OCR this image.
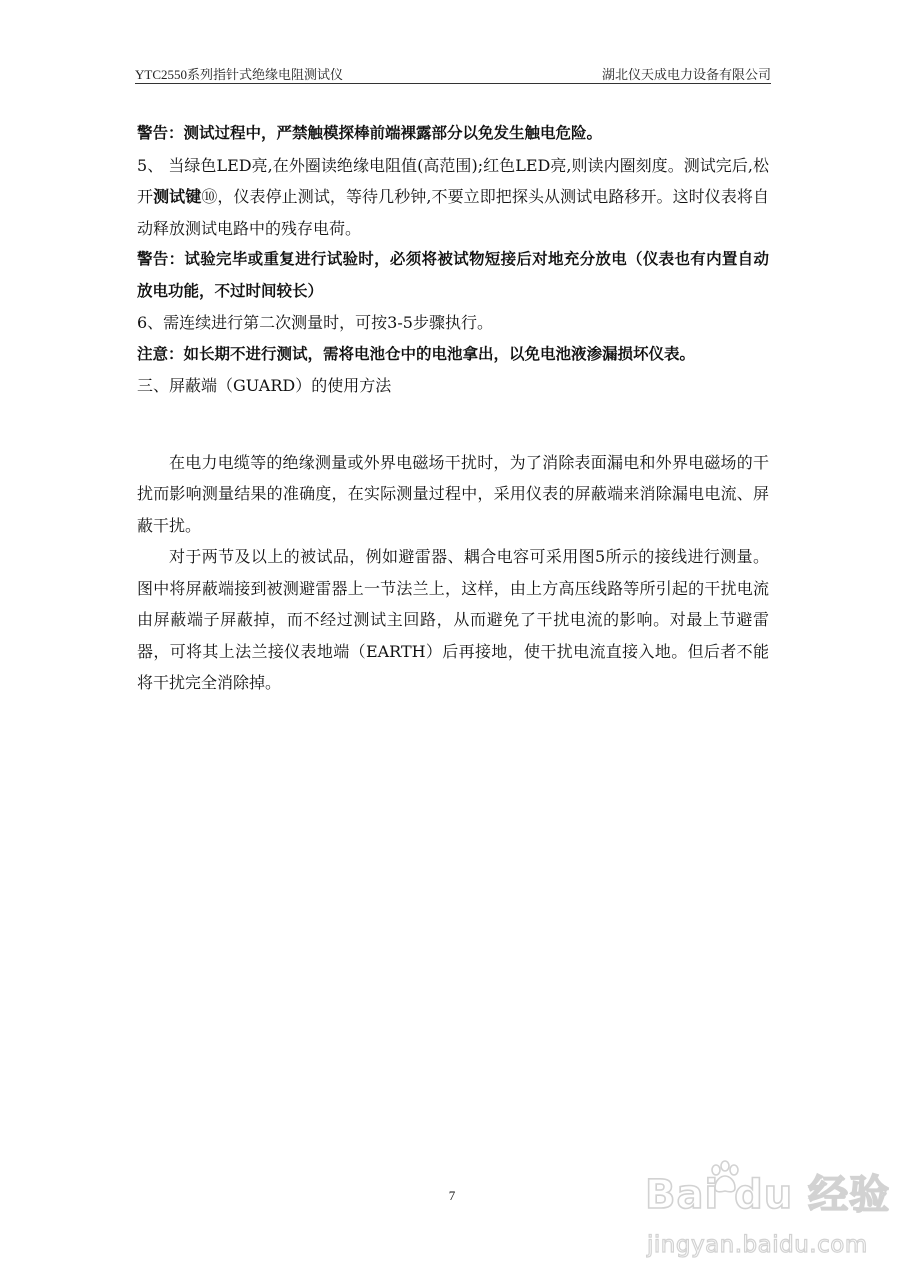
YTC2550系列指针式绝缘电阻测试仪	湖北仪天成电力设备有限公司

警告：测试过程中，严禁触模探棒前端裸露部分以免发生触电危险。

5、 当绿色LED亮,在外圈读绝缘电阻值(高范围);红色LED亮,则读内圈刻度。测试完后,松开测试键⑩，仪表停止测试，等待几秒钟,不要立即把探头从测试电路移开。这时仪表将自动释放测试电路中的残存电荷。

警告：试验完毕或重复进行试验时，必须将被试物短接后对地充分放电（仪表也有内置自动放电功能，不过时间较长）

6、需连续进行第二次测量时，可按3-5步骤执行。

注意：如长期不进行测试，需将电池仓中的电池拿出，以免电池液渗漏损坏仪表。

三、屏蔽端（GUARD）的使用方法

在电力电缆等的绝缘测量或外界电磁场干扰时，为了消除表面漏电和外界电磁场的干扰而影响测量结果的准确度，在实际测量过程中，采用仪表的屏蔽端来消除漏电电流、屏蔽干扰。

对于两节及以上的被试品，例如避雷器、耦合电容可采用图5所示的接线进行测量。图中将屏蔽端接到被测避雷器上一节法兰上，这样，由上方高压线路等所引起的干扰电流由屏蔽端子屏蔽掉，而不经过测试主回路，从而避免了干扰电流的影响。对最上节避雷器，可将其上法兰接仪表地端（EARTH）后再接地，使干扰电流直接入地。但后者不能将干扰完全消除掉。

7	Bai du 经验
jingyan.baidu.com
